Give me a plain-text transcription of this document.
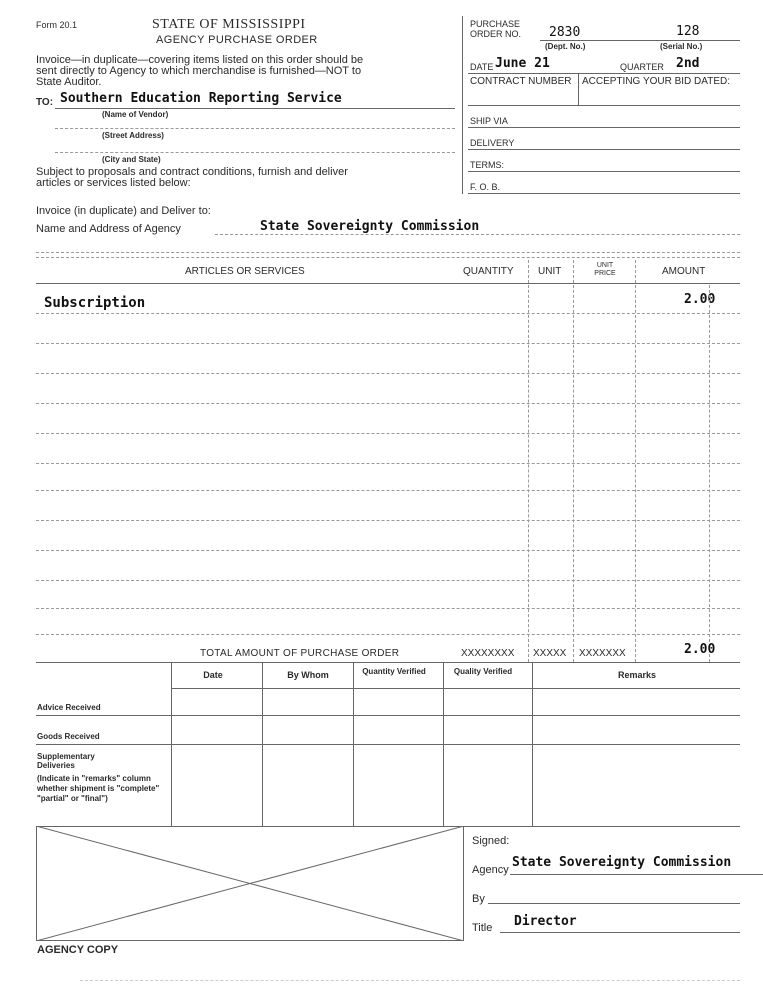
Form 20.1	STATE OF MISSISSIPPI
AGENCY PURCHASE ORDER
Invoice—in duplicate—covering items listed on this order should be
sent directly to Agency to which merchandise is furnished—NOT to
State Auditor.
PURCHASE
ORDER NO. 2830	128
(Dept. No.)	(Serial No.)
DATE June 21	QUARTER 2nd
CONTRACT NUMBER ACCEPTING YOUR BID DATED:
SHIP VIA
DELIVERY
TERMS:
F. O. B.
TO: Southern Education Reporting Service
(Name of Vendor)
(Street Address)
(City and State)
Subject to proposals and contract conditions, furnish and deliver
articles or services listed below:
Invoice (in duplicate) and Deliver to:
Name and Address of Agency	State Sovereignty Commission
ARTICLES OR SERVICES	QUANTITY UNIT
UNIT
PRICE	AMOUNT
Subscription	2.00
TOTAL AMOUNT OF PURCHASE ORDER	XXXXXXXX XXXXX XXXXXXX	2.00
Date	By Whom	Quantity Verified	Quality Verified	Remarks
Advice Received
Goods Received
Supplementary Deliveries
(Indicate in "remarks" column whether shipment is "complete" "partial" or "final")
Signed:
Agency State Sovereignty Commission
By
Title Director
AGENCY COPY
